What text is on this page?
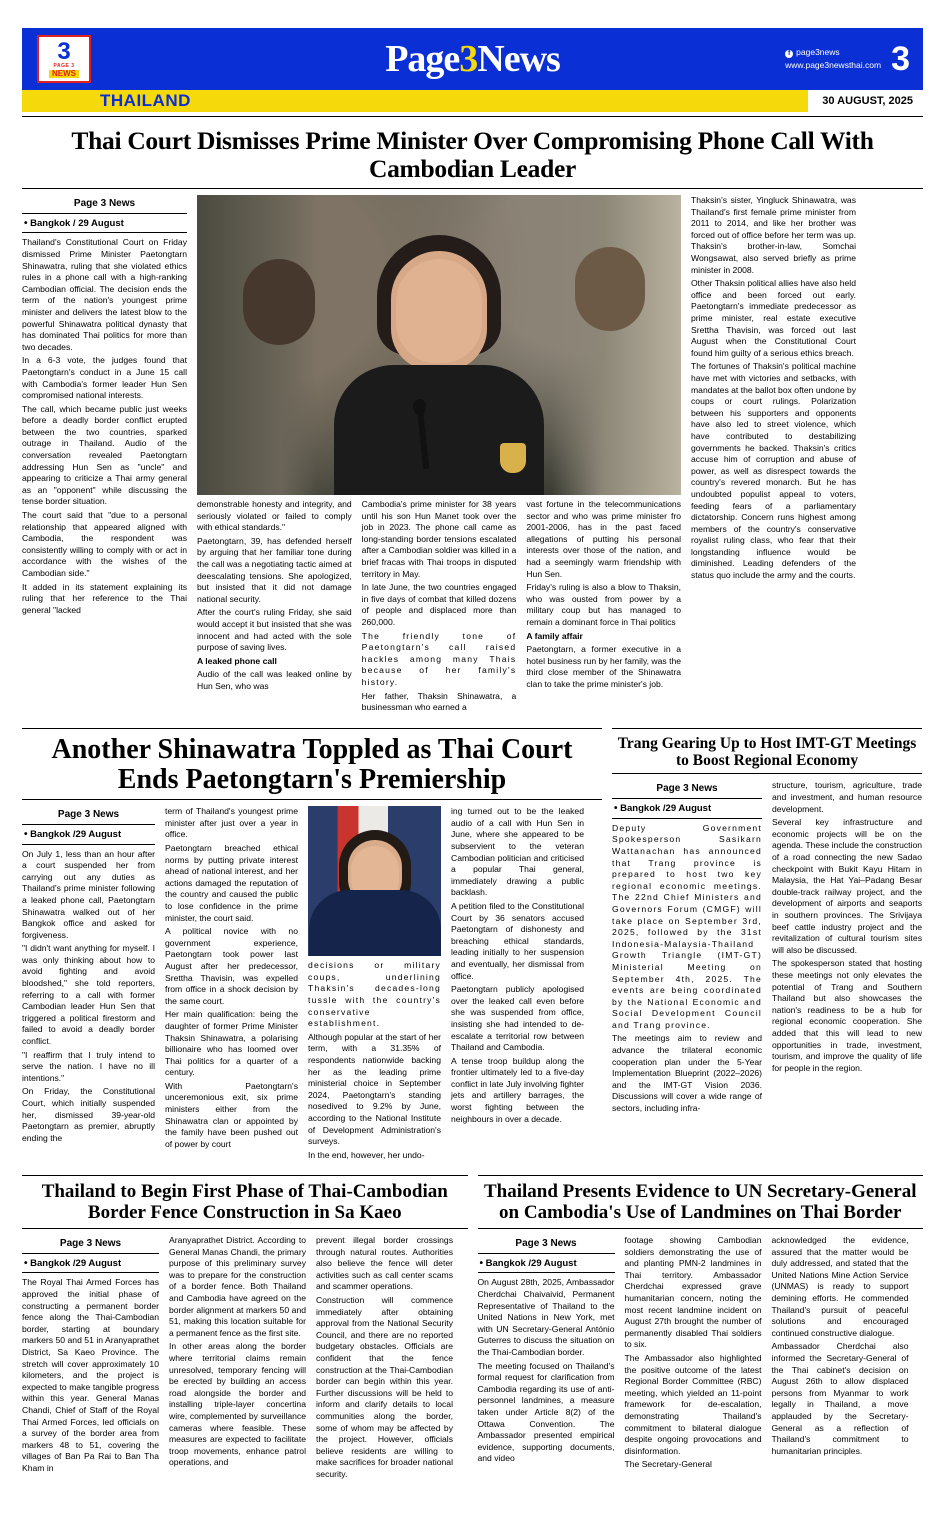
3
PAGE 3
NEWS	Page3News	f page3news
www.page3newsthai.com 3
THAILAND	30 AUGUST, 2025
Thai Court Dismisses Prime Minister Over Compromising Phone Call With Cambodian Leader
Page 3 News
• Bangkok / 29 August

Thailand's Constitutional Court on Friday dismissed Prime Minister Paetongtarn Shinawatra, ruling that she violated ethics rules in a phone call with a high-ranking Cambodian official. The decision ends the term of the nation's youngest prime minister and delivers the latest blow to the powerful Shinawatra political dynasty that has dominated Thai politics for more than two decades.

In a 6-3 vote, the judges found that Paetongtarn's conduct in a June 15 call with Cambodia's former leader Hun Sen compromised national interests.

The call, which became public just weeks before a deadly border conflict erupted between the two countries, sparked outrage in Thailand. Audio of the conversation revealed Paetongtarn addressing Hun Sen as "uncle" and appearing to criticize a Thai army general as an "opponent" while discussing the tense border situation.

The court said that "due to a personal relationship that appeared aligned with Cambodia, the respondent was consistently willing to comply with or act in accordance with the wishes of the Cambodian side."

It added in its statement explaining its ruling that her reference to the Thai general "lacked

demonstrable honesty and integrity, and seriously violated or failed to comply with ethical standards."

Paetongtarn, 39, has defended herself by arguing that her familiar tone during the call was a negotiating tactic aimed at deescalating tensions. She apologized, but insisted that it did not damage national security.

After the court's ruling Friday, she said would accept it but insisted that she was innocent and had acted with the sole purpose of saving lives.

A leaked phone call

Audio of the call was leaked online by Hun Sen, who was

Cambodia's prime minister for 38 years until his son Hun Manet took over the job in 2023. The phone call came as long-standing border tensions escalated after a Cambodian soldier was killed in a brief fracas with Thai troops in disputed territory in May.

In late June, the two countries engaged in five days of combat that killed dozens of people and displaced more than 260,000.

The friendly tone of Paetongtarn's call raised hackles among many Thais because of her family's history.

Her father, Thaksin Shinawatra, a businessman who earned a

vast fortune in the telecommunications sector and who was prime minister fro 2001-2006, has in the past faced allegations of putting his personal interests over those of the nation, and had a seemingly warm friendship with Hun Sen.

Friday's ruling is also a blow to Thaksin, who was ousted from power by a military coup but has managed to remain a dominant force in Thai politics

A family affair

Paetongtarn, a former executive in a hotel business run by her family, was the third close member of the Shinawatra clan to take the prime minister's job.

Thaksin's sister, Yingluck Shinawatra, was Thailand's first female prime minister from 2011 to 2014, and like her brother was forced out of office before her term was up. Thaksin's brother-in-law, Somchai Wongsawat, also served briefly as prime minister in 2008.

Other Thaksin political allies have also held office and been forced out early. Paetongtarn's immediate predecessor as prime minister, real estate executive Srettha Thavisin, was forced out last August when the Constitutional Court found him guilty of a serious ethics breach.

The fortunes of Thaksin's political machine have met with victories and setbacks, with mandates at the ballot box often undone by coups or court rulings. Polarization between his supporters and opponents have also led to street violence, which have contributed to destabilizing governments he backed. Thaksin's critics accuse him of corruption and abuse of power, as well as disrespect towards the country's revered monarch. But he has undoubted populist appeal to voters, feeding fears of a parliamentary dictatorship. Concern runs highest among members of the country's conservative royalist ruling class, who fear that their longstanding influence would be diminished. Leading defenders of the status quo include the army and the courts.

Another Shinawatra Toppled as Thai Court Ends Paetongtarn's Premiership
Page 3 News
• Bangkok /29 August

On July 1, less than an hour after a court suspended her from carrying out any duties as Thailand's prime minister following a leaked phone call, Paetongtarn Shinawatra walked out of her Bangkok office and asked for forgiveness.

"I didn't want anything for myself. I was only thinking about how to avoid fighting and avoid bloodshed," she told reporters, referring to a call with former Cambodian leader Hun Sen that triggered a political firestorm and failed to avoid a deadly border conflict.

"I reaffirm that I truly intend to serve the nation. I have no ill intentions."

On Friday, the Constitutional Court, which initially suspended her, dismissed 39-year-old Paetongtarn as premier, abruptly ending the

term of Thailand's youngest prime minister after just over a year in office.

Paetongtarn breached ethical norms by putting private interest ahead of national interest, and her actions damaged the reputation of the country and caused the public to lose confidence in the prime minister, the court said.

A political novice with no government experience, Paetongtarn took power last August after her predecessor, Srettha Thavisin, was expelled from office in a shock decision by the same court.

Her main qualification: being the daughter of former Prime Minister Thaksin Shinawatra, a polarising billionaire who has loomed over Thai politics for a quarter of a century.

With Paetongtarn's unceremonious exit, six prime ministers either from the Shinawatra clan or appointed by the family have been pushed out of power by court

decisions or military coups, underlining Thaksin's decades-long tussle with the country's conservative establishment.

Although popular at the start of her term, with a 31.35% of respondents nationwide backing her as the leading prime ministerial choice in September 2024, Paetongtarn's standing nosedived to 9.2% by June, according to the National Institute of Development Administration's surveys.

In the end, however, her undo-

ing turned out to be the leaked audio of a call with Hun Sen in June, where she appeared to be subservient to the veteran Cambodian politician and criticised a popular Thai general, immediately drawing a public backlash.

A petition filed to the Constitutional Court by 36 senators accused Paetongtarn of dishonesty and breaching ethical standards, leading initially to her suspension and eventually, her dismissal from office.

Paetongtarn publicly apologised over the leaked call even before she was suspended from office, insisting she had intended to de-escalate a territorial row between Thailand and Cambodia.

A tense troop buildup along the frontier ultimately led to a five-day conflict in late July involving fighter jets and artillery barrages, the worst fighting between the neighbours in over a decade.

Trang Gearing Up to Host IMT-GT Meetings to Boost Regional Economy
Page 3 News
• Bangkok /29 August

Deputy Government Spokesperson Sasikarn Wattanachan has announced that Trang province is prepared to host two key regional economic meetings. The 22nd Chief Ministers and Governors Forum (CMGF) will take place on September 3rd, 2025, followed by the 31st Indonesia-Malaysia-Thailand Growth Triangle (IMT-GT) Ministerial Meeting on September 4th, 2025. The events are being coordinated by the National Economic and Social Development Council and Trang province.

The meetings aim to review and advance the trilateral economic cooperation plan under the 5-Year Implementation Blueprint (2022–2026) and the IMT-GT Vision 2036. Discussions will cover a wide range of sectors, including infra-

structure, tourism, agriculture, trade and investment, and human resource development.

Several key infrastructure and economic projects will be on the agenda. These include the construction of a road connecting the new Sadao checkpoint with Bukit Kayu Hitam in Malaysia, the Hat Yai–Padang Besar double-track railway project, and the development of airports and seaports in southern provinces. The Srivijaya beef cattle industry project and the revitalization of cultural tourism sites will also be discussed.

The spokesperson stated that hosting these meetings not only elevates the potential of Trang and Southern Thailand but also showcases the nation's readiness to be a hub for regional economic cooperation. She added that this will lead to new opportunities in trade, investment, tourism, and improve the quality of life for people in the region.

Thailand to Begin First Phase of Thai-Cambodian Border Fence Construction in Sa Kaeo
Page 3 News
• Bangkok /29 August

The Royal Thai Armed Forces has approved the initial phase of constructing a permanent border fence along the Thai-Cambodian border, starting at boundary markers 50 and 51 in Aranyaprathet District, Sa Kaeo Province. The stretch will cover approximately 10 kilometers, and the project is expected to make tangible progress within this year. General Manas Chandi, Chief of Staff of the Royal Thai Armed Forces, led officials on a survey of the border area from markers 48 to 51, covering the villages of Ban Pa Rai to Ban Tha Kham in

Aranyaprathet District. According to General Manas Chandi, the primary purpose of this preliminary survey was to prepare for the construction of a border fence. Both Thailand and Cambodia have agreed on the border alignment at markers 50 and 51, making this location suitable for a permanent fence as the first site.

In other areas along the border where territorial claims remain unresolved, temporary fencing will be erected by building an access road alongside the border and installing triple-layer concertina wire, complemented by surveillance cameras where feasible. These measures are expected to facilitate troop movements, enhance patrol operations, and

prevent illegal border crossings through natural routes. Authorities also believe the fence will deter activities such as call center scams and scammer operations.

Construction will commence immediately after obtaining approval from the National Security Council, and there are no reported budgetary obstacles. Officials are confident that the fence construction at the Thai-Cambodian border can begin within this year. Further discussions will be held to inform and clarify details to local communities along the border, some of whom may be affected by the project. However, officials believe residents are willing to make sacrifices for broader national security.

Thailand Presents Evidence to UN Secretary-General on Cambodia's Use of Landmines on Thai Border
Page 3 News
• Bangkok /29 August

On August 28th, 2025, Ambassador Cherdchai Chaivaivid, Permanent Representative of Thailand to the United Nations in New York, met with UN Secretary-General António Guterres to discuss the situation on the Thai-Cambodian border.

The meeting focused on Thailand's formal request for clarification from Cambodia regarding its use of anti-personnel landmines, a measure taken under Article 8(2) of the Ottawa Convention. The Ambassador presented empirical evidence, supporting documents, and video

footage showing Cambodian soldiers demonstrating the use of and planting PMN-2 landmines in Thai territory. Ambassador Cherdchai expressed grave humanitarian concern, noting the most recent landmine incident on August 27th brought the number of permanently disabled Thai soldiers to six.

The Ambassador also highlighted the positive outcome of the latest Regional Border Committee (RBC) meeting, which yielded an 11-point framework for de-escalation, demonstrating Thailand's commitment to bilateral dialogue despite ongoing provocations and disinformation.

The Secretary-General

acknowledged the evidence, assured that the matter would be duly addressed, and stated that the United Nations Mine Action Service (UNMAS) is ready to support demining efforts. He commended Thailand's pursuit of peaceful solutions and encouraged continued constructive dialogue.

Ambassador Cherdchai also informed the Secretary-General of the Thai cabinet's decision on August 26th to allow displaced persons from Myanmar to work legally in Thailand, a move applauded by the Secretary-General as a reflection of Thailand's commitment to humanitarian principles.
